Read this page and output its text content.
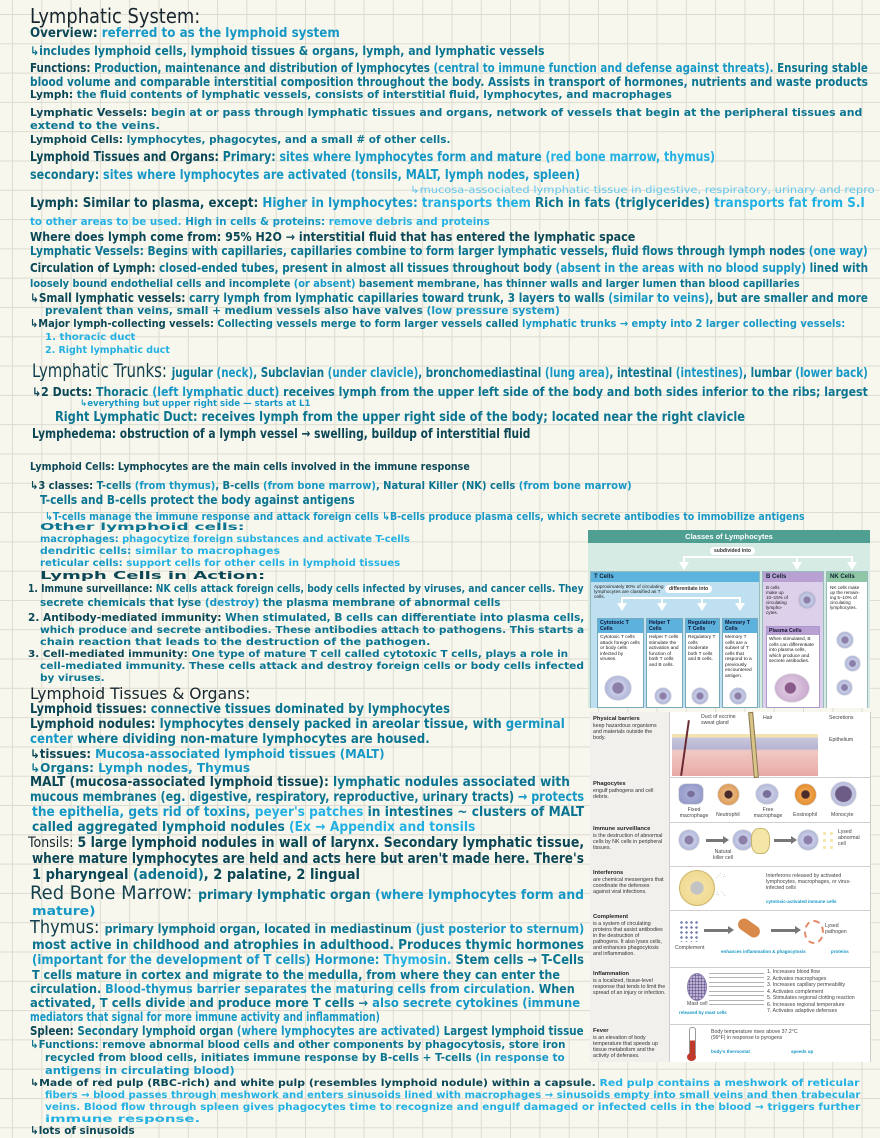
Lymphatic System:
Overview: referred to as the lymphoid system
↳includes lymphoid cells, lymphoid tissues & organs, lymph, and lymphatic vessels
Functions: Production, maintenance and distribution of lymphocytes (central to immune function and defense against threats). Ensuring stable
blood volume and comparable interstitial composition throughout the body. Assists in transport of hormones, nutrients and waste products
Lymph: the fluid contents of lymphatic vessels, consists of interstitial fluid, lymphocytes, and macrophages
Lymphatic Vessels: begin at or pass through lymphatic tissues and organs, network of vessels that begin at the peripheral tissues and
extend to the veins.
Lymphoid Cells: lymphocytes, phagocytes, and a small # of other cells.
Lymphoid Tissues and Organs: Primary: sites where lymphocytes form and mature (red bone marrow, thymus)
secondary: sites where lymphocytes are activated (tonsils, MALT, lymph nodes, spleen)
↳mucosa-associated lymphatic tissue in digestive, respiratory, urinary and repro
Lymph: Similar to plasma, except: Higher in lymphocytes: transports them Rich in fats (triglycerides) transports fat from S.I
to other areas to be used. High in cells & proteins: remove debris and proteins
Where does lymph come from: 95% H2O → interstitial fluid that has entered the lymphatic space
Lymphatic Vessels: Begins with capillaries, capillaries combine to form larger lymphatic vessels, fluid flows through lymph nodes (one way)
Circulation of Lymph: closed-ended tubes, present in almost all tissues throughout body (absent in the areas with no blood supply) lined with
loosely bound endothelial cells and incomplete (or absent) basement membrane, has thinner walls and larger lumen than blood capillaries
↳Small lymphatic vessels: carry lymph from lymphatic capillaries toward trunk, 3 layers to walls (similar to veins), but are smaller and more
prevalent than veins, small + medium vessels also have valves (low pressure system)
↳Major lymph-collecting vessels: Collecting vessels merge to form larger vessels called lymphatic trunks → empty into 2 larger collecting vessels:
1. thoracic duct
2. Right lymphatic duct
Lymphatic Trunks: jugular (neck), Subclavian (under clavicle), bronchomediastinal (lung area), intestinal (intestines), lumbar (lower back)
↳2 Ducts: Thoracic (left lymphatic duct) receives lymph from the upper left side of the body and both sides inferior to the ribs; largest
↳everything but upper right side — starts at L1
Right Lymphatic Duct: receives lymph from the upper right side of the body; located near the right clavicle
Lymphedema: obstruction of a lymph vessel → swelling, buildup of interstitial fluid
Lymphoid Cells: Lymphocytes are the main cells involved in the immune response
↳3 classes: T-cells (from thymus), B-cells (from bone marrow), Natural Killer (NK) cells (from bone marrow)
T-cells and B-cells protect the body against antigens
↳T-cells manage the immune response and attack foreign cells ↳B-cells produce plasma cells, which secrete antibodies to immobilize antigens
Other lymphoid cells:
macrophages: phagocytize foreign substances and activate T-cells
dendritic cells: similar to macrophages
reticular cells: support cells for other cells in lymphoid tissues
Lymph Cells in Action:
1. Immune surveillance: NK cells attack foreign cells, body cells infected by viruses, and cancer cells. They
secrete chemicals that lyse (destroy) the plasma membrane of abnormal cells
2. Antibody-mediated immunity: When stimulated, B cells can differentiate into plasma cells,
which produce and secrete antibodies. These antibodies attach to pathogens. This starts a
chain reaction that leads to the destruction of the pathogen.
3. Cell-mediated immunity: One type of mature T cell called cytotoxic T cells, plays a role in
cell-mediated immunity. These cells attack and destroy foreign cells or body cells infected
by viruses.
Lymphoid Tissues & Organs:
Lymphoid tissues: connective tissues dominated by lymphocytes
Lymphoid nodules: lymphocytes densely packed in areolar tissue, with germinal
center where dividing non-mature lymphocytes are housed.
↳tissues: Mucosa-associated lymphoid tissues (MALT)
↳Organs: Lymph nodes, Thymus
MALT (mucosa-associated lymphoid tissue): lymphatic nodules associated with
mucous membranes (eg. digestive, respiratory, reproductive, urinary tracts) → protects
the epithelia, gets rid of toxins, peyer's patches in intestines ~ clusters of MALT
called aggregated lymphoid nodules (Ex → Appendix and tonsils
Tonsils: 5 large lymphoid nodules in wall of larynx. Secondary lymphatic tissue,
where mature lymphocytes are held and acts here but aren't made here. There's
1 pharyngeal (adenoid), 2 palatine, 2 lingual
Red Bone Marrow: primary lymphatic organ (where lymphocytes form and
mature)
Thymus: primary lymphoid organ, located in mediastinum (just posterior to sternum)
most active in childhood and atrophies in adulthood. Produces thymic hormones
(important for the development of T cells) Hormone: Thymosin. Stem cells → T-Cells
T cells mature in cortex and migrate to the medulla, from where they can enter the
circulation. Blood-thymus barrier separates the maturing cells from circulation. When
activated, T cells divide and produce more T cells → also secrete cytokines (immune
mediators that signal for more immune activity and inflammation)
Spleen: Secondary lymphoid organ (where lymphocytes are activated) Largest lymphoid tissue
↳Functions: remove abnormal blood cells and other components by phagocytosis, store iron
recycled from blood cells, initiates immune response by B-cells + T-cells (in response to
antigens in circulating blood)
↳Made of red pulp (RBC-rich) and white pulp (resembles lymphoid nodule) within a capsule. Red pulp contains a meshwork of reticular
fibers → blood passes through meshwork and enters sinusoids lined with macrophages → sinusoids empty into small veins and then trabecular
veins. Blood flow through spleen gives phagocytes time to recognize and engulf damaged or infected cells in the blood → triggers further
immune response.
↳lots of sinusoids
Classes of Lymphocytes
subdivided into
T Cells
Approximately 80% of circulating lymphocytes are classified as T cells.
differentiate into
Cytotoxic T Cells
Cytotoxic T cells attack foreign cells or body cells infected by viruses.
Helper T Cells
Helper T cells stimulate the activation and function of both T cells and B cells.
Regulatory T Cells
Regulatory T cells moderate both T cells and B cells.
Memory T Cells
Memory T cells are a subset of T cells that respond to a previously encountered antigen.
B Cells
B cells make up 10–15% of circulating lympho-cytes.
Plasma Cells
When stimulated, B cells can differentiate into plasma cells, which produce and secrete antibodies.
NK Cells
NK cells make up the remain-ing 5–10% of circulating lymphocytes.
Physical barriers
keep hazardous organisms and materials outside the body.
Duct of eccrine sweat gland
Hair	Secretions
Epithelium
Phagocytes
engulf pathogens and cell debris.
Fixed macrophage Neutrophil
Free macrophage Eosinophil	Monocyte
Immune surveillance
is the destruction of abnormal cells by NK cells in peripheral tissues.
Natural killer cell
Lysed abnormal cell
Interferons
are chemical messengers that coordinate the defenses against viral infections.
⋰ ∴
∴ ⋱
Interferons released by activated lymphocytes, macrophages, or virus-infected cells
cytotoxic-activated immune cells
Complement
is a system of circulating proteins that assist antibodies in the destruction of pathogens. It also lyses cells, and enhances phagocytosis and inflammation.
Complement
Lysed pathogen
enhances inflammation & phagocytosis	proteins
Inflammation
is a localized, tissue-level response that tends to limit the spread of an injury or infection.
Mast cell
released by mast cells
1. Increases blood flow
2. Activates macrophages
3. Increases capillary permeability
4. Activates complement
5. Stimulates regional clotting reaction
6. Increases regional temperature
7. Activates adaptive defenses
Fever
is an elevation of body temperature that speeds up tissue metabolism and the activity of defenses.
Body temperature rises above 37.2°C (99°F) in response to pyrogens
body's thermostat	speeds up
